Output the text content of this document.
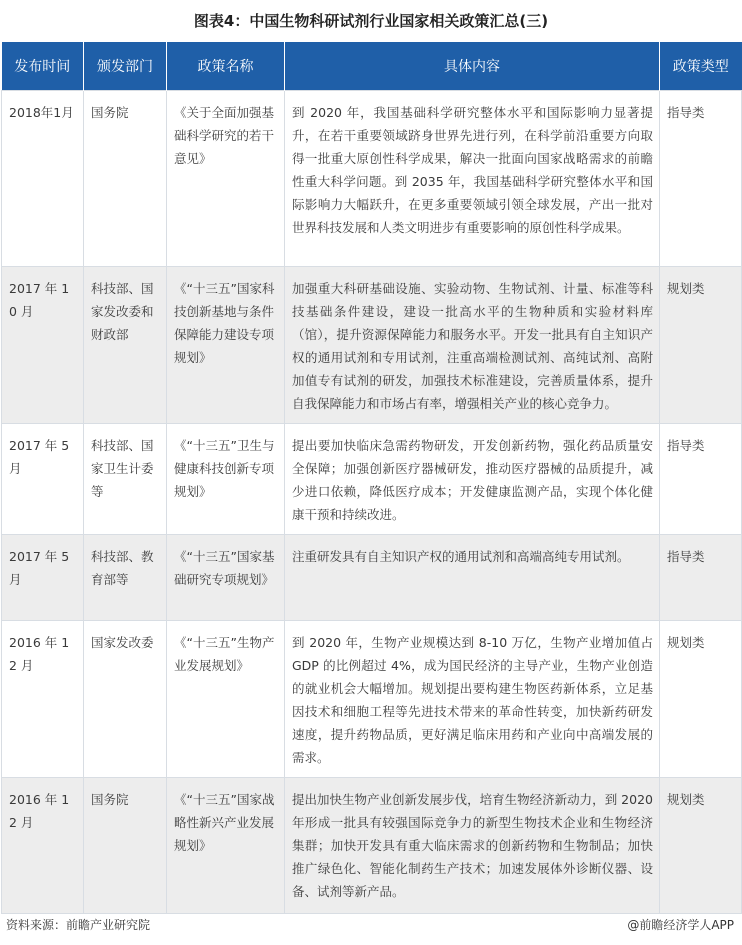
图表4：中国生物科研试剂行业国家相关政策汇总(三)
发布时间	颁发部门	政策名称	具体内容	政策类型
2018年1月	国务院	《关于全面加强基础科学研究的若干意见》	到 2020 年，我国基础科学研究整体水平和国际影响力显著提升，在若干重要领域跻身世界先进行列，在科学前沿重要方向取得一批重大原创性科学成果，解决一批面向国家战略需求的前瞻性重大科学问题。到 2035 年，我国基础科学研究整体水平和国际影响力大幅跃升，在更多重要领域引领全球发展，产出一批对世界科技发展和人类文明进步有重要影响的原创性科学成果。	指导类
2017 年 10 月	科技部、国家发改委和财政部	《“十三五”国家科技创新基地与条件保障能力建设专项规划》	加强重大科研基础设施、实验动物、生物试剂、计量、标准等科技基础条件建设，建设一批高水平的生物种质和实验材料库（馆），提升资源保障能力和服务水平。开发一批具有自主知识产权的通用试剂和专用试剂，注重高端检测试剂、高纯试剂、高附加值专有试剂的研发，加强技术标准建设，完善质量体系，提升自我保障能力和市场占有率，增强相关产业的核心竞争力。	规划类
2017 年 5 月	科技部、国家卫生计委等	《“十三五”卫生与健康科技创新专项规划》	提出要加快临床急需药物研发，开发创新药物，强化药品质量安全保障；加强创新医疗器械研发，推动医疗器械的品质提升，减少进口依赖，降低医疗成本；开发健康监测产品，实现个体化健康干预和持续改进。	指导类
2017 年 5 月	科技部、教育部等	《“十三五”国家基础研究专项规划》	注重研发具有自主知识产权的通用试剂和高端高纯专用试剂。	指导类
2016 年 12 月	国家发改委	《“十三五”生物产业发展规划》	到 2020 年，生物产业规模达到 8-10 万亿，生物产业增加值占 GDP 的比例超过 4%，成为国民经济的主导产业，生物产业创造的就业机会大幅增加。规划提出要构建生物医药新体系，立足基因技术和细胞工程等先进技术带来的革命性转变，加快新药研发速度，提升药物品质，更好满足临床用药和产业向中高端发展的需求。	规划类
2016 年 12 月	国务院	《“十三五”国家战略性新兴产业发展规划》	提出加快生物产业创新发展步伐，培育生物经济新动力，到 2020 年形成一批具有较强国际竞争力的新型生物技术企业和生物经济集群；加快开发具有重大临床需求的创新药物和生物制品；加快推广绿色化、智能化制药生产技术；加速发展体外诊断仪器、设备、试剂等新产品。	规划类
资料来源：前瞻产业研究院	@前瞻经济学人APP
